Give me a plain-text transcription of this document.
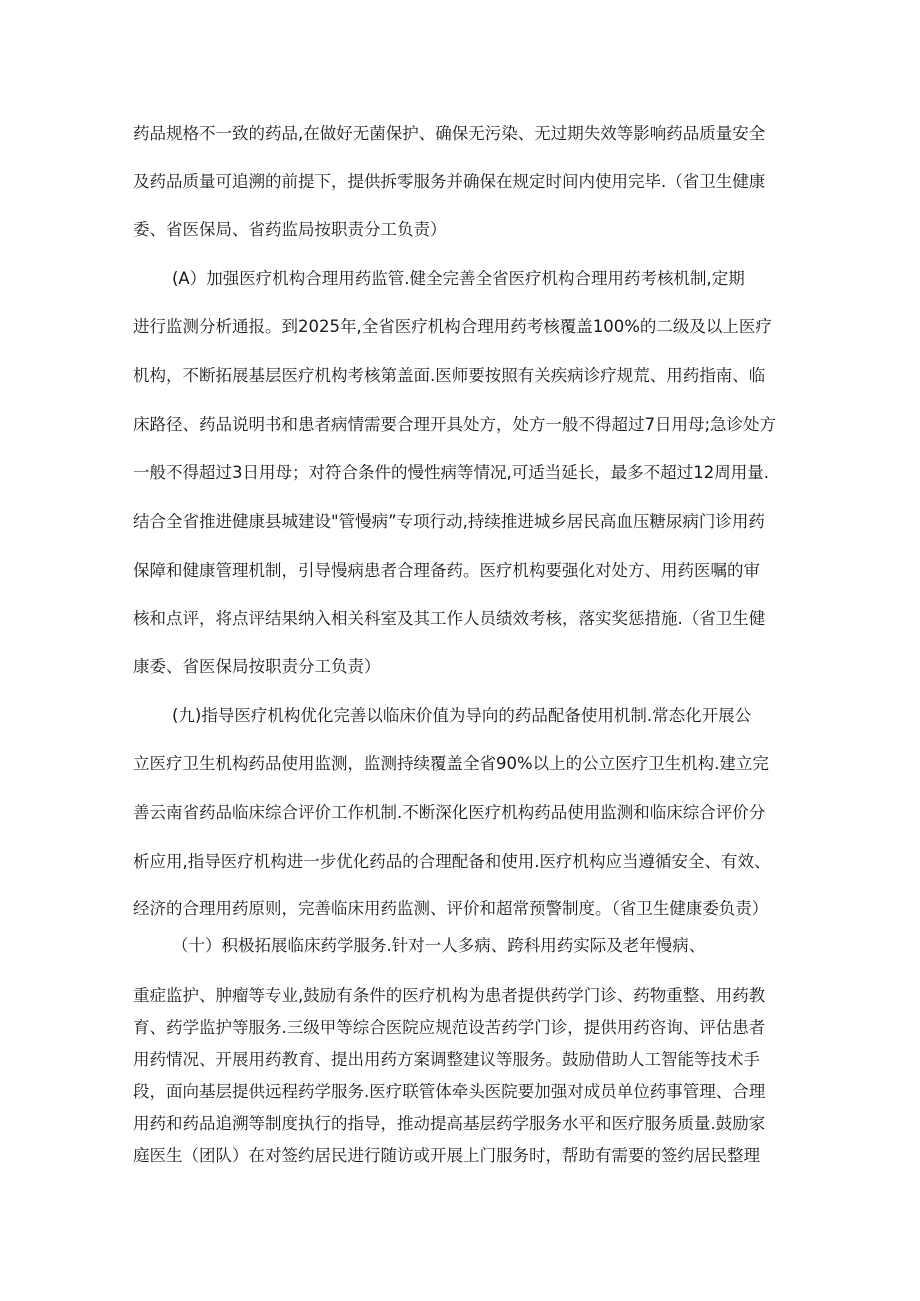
药品规格不一致的药品,在做好无菌保护、确保无污染、无过期失效等影响药品质量安全
及药品质量可追溯的前提下，提供拆零服务并确保在规定时间内使用完毕.（省卫生健康
委、省医保局、省药监局按职责分工负责）
(A）加强医疗机构合理用药监管.健全完善全省医疗机构合理用药考核机制,定期
进行监测分析通报。到2025年,全省医疗机构合理用药考核覆盖100%的二级及以上医疗
机构，不断拓展基层医疗机构考核第盖面.医师要按照有关疾病诊疗规荒、用药指南、临
床路径、药品说明书和患者病情需要合理开具处方，处方一般不得超过7日用母;急诊处方
一般不得超过3日用母；对符合条件的慢性病等情况,可适当延长，最多不超过12周用量.
结合全省推进健康县城建设"管慢病”专项行动,持续推进城乡居民高血压糖尿病门诊用药
保障和健康管理机制，引导慢病患者合理备药。医疗机构要强化对处方、用药医嘱的审
核和点评，将点评结果纳入相关科室及其工作人员绩效考核，落实奖惩措施.（省卫生健
康委、省医保局按职责分工负责）
(九)指导医疗机构优化完善以临床价值为导向的药品配备使用机制.常态化开展公
立医疗卫生机构药品使用监测，监测持续覆盖全省90%以上的公立医疗卫生机构.建立完
善云南省药品临床综合评价工作机制.不断深化医疗机构药品使用监测和临床综合评价分
析应用,指导医疗机构进一步优化药品的合理配备和使用.医疗机构应当遵循安全、有效、
经济的合理用药原则，完善临床用药监测、评价和超常预警制度。（省卫生健康委负责）
（十）积极拓展临床药学服务.针对一人多病、跨科用药实际及老年慢病、
重症监护、肿瘤等专业,鼓励有条件的医疗机构为患者提供药学门诊、药物重整、用药教
育、药学监护等服务.三级甲等综合医院应规范设苦药学门诊，提供用药咨询、评估患者
用药情况、开展用药教育、提出用药方案调整建议等服务。鼓励借助人工智能等技术手
段，面向基层提供远程药学服务.医疗联管体牵头医院要加强对成员单位药事管理、合理
用药和药品追溯等制度执行的指导，推动提高基层药学服务水平和医疗服务质量.鼓励家
庭医生（团队）在对签约居民进行随访或开展上门服务时，帮助有需要的签约居民整理
